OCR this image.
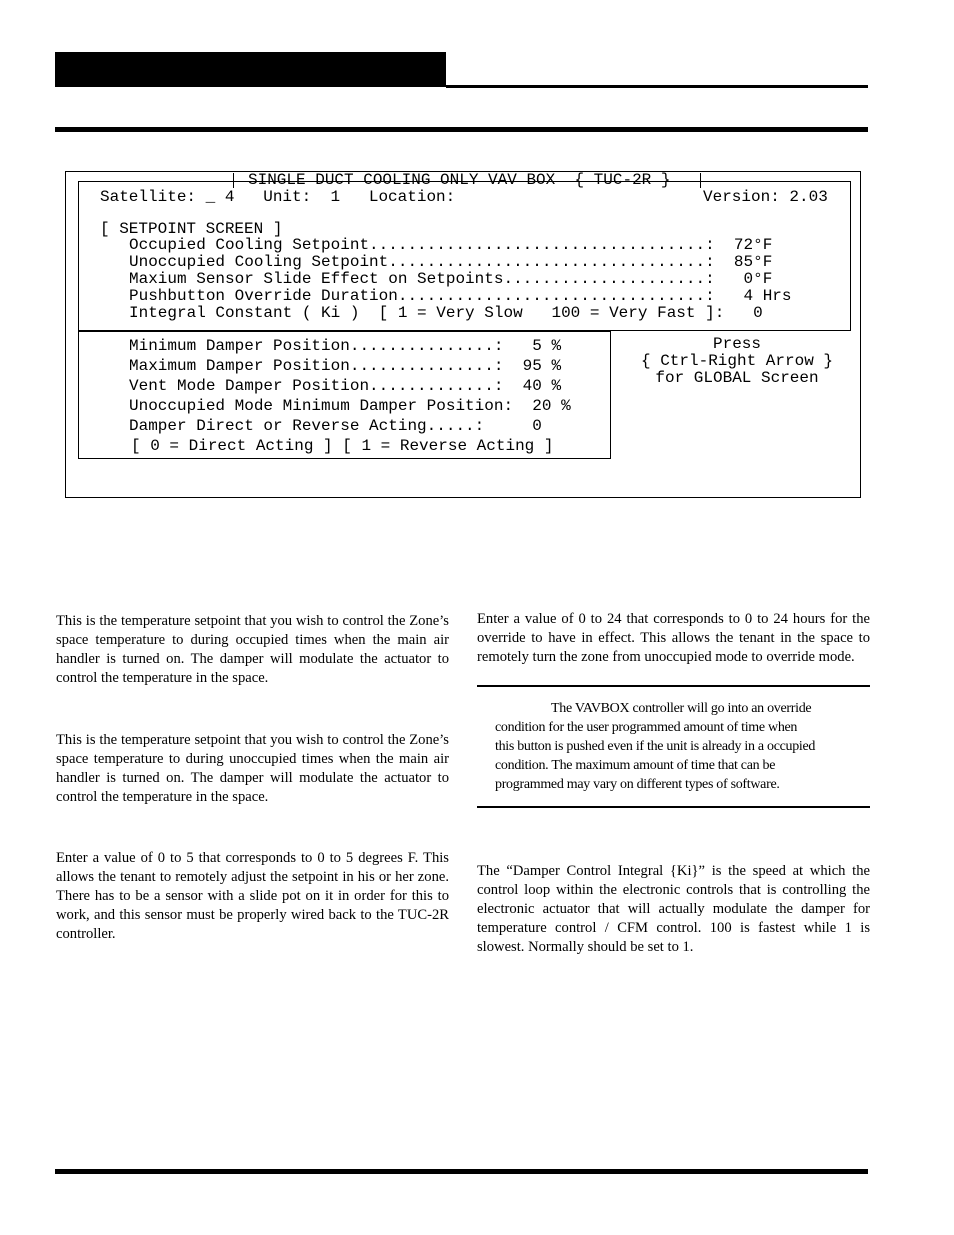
SINGLE DUCT COOLING ONLY VAV BOX  { TUC-2R }
Satellite: _ 4   Unit:  1   Location:	Version: 2.03
[ SETPOINT SCREEN ]
Occupied Cooling Setpoint...................................:  72°F
Unoccupied Cooling Setpoint.................................:  85°F
Maxium Sensor Slide Effect on Setpoints.....................:   0°F
Pushbutton Override Duration................................:   4 Hrs
Integral Constant ( Ki )  [ 1 = Very Slow   100 = Very Fast ]:   0
Minimum Damper Position...............:   5 %
Maximum Damper Position...............:  95 %
Vent Mode Damper Position.............:  40 %
Unoccupied Mode Minimum Damper Position:  20 %
Damper Direct or Reverse Acting.....:     0
[ 0 = Direct Acting ] [ 1 = Reverse Acting ]
Press
{ Ctrl-Right Arrow }
for GLOBAL Screen
This is the temperature setpoint that you wish to control the Zone’s space temperature to during occupied times when the main air handler is turned on. The damper will modulate the actuator to control the temperature in the space.
This is the temperature setpoint that you wish to control the Zone’s space temperature to during unoccupied times when the main air handler is turned on. The damper will modulate the actuator to control the temperature in the space.
Enter a value of 0 to 5 that corresponds to 0 to 5 degrees F. This allows the tenant to remotely adjust the setpoint in his or her zone. There has to be a sensor with a slide pot on it in order for this to work, and this sensor must be properly wired back to the TUC-2R controller.
Enter a value of 0 to 24 that corresponds to 0 to 24 hours for the override to have in effect. This allows the tenant in the space to remotely turn the zone from unoccupied mode to override mode.
The VAVBOX controller will go into an override
condition for the user programmed amount of time when
this button is pushed even if the unit is already in a occupied
condition. The maximum amount of time that can be
programmed may vary on different types of software.
The “Damper Control Integral {Ki}” is the speed at which the control loop within the electronic controls that is controlling the electronic actuator that will actually modulate the damper for temperature control / CFM control. 100 is fastest while 1 is slowest. Normally should be set to 1.
